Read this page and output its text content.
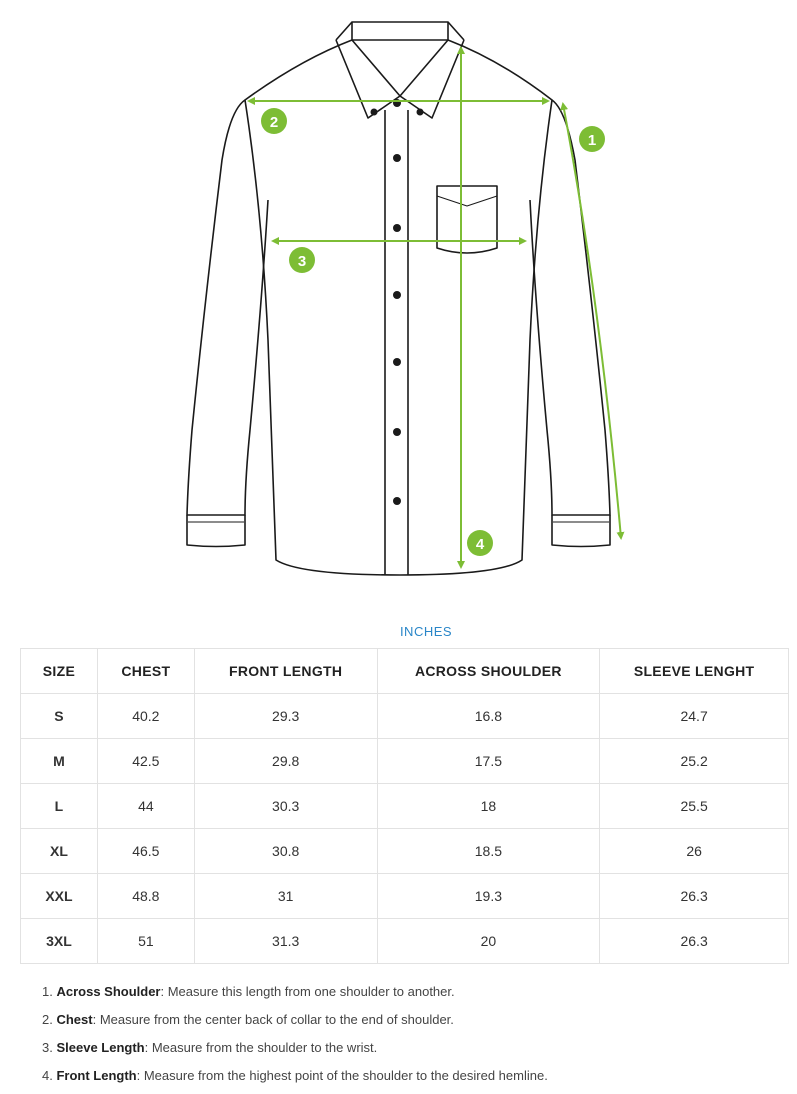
1
2
3
4
INCHES
SIZE	CHEST	FRONT LENGTH	ACROSS SHOULDER	SLEEVE LENGHT
S	40.2	29.3	16.8	24.7
M	42.5	29.8	17.5	25.2
L	44	30.3	18	25.5
XL	46.5	30.8	18.5	26
XXL	48.8	31	19.3	26.3
3XL	51	31.3	20	26.3
1. Across Shoulder: Measure this length from one shoulder to another.
2. Chest: Measure from the center back of collar to the end of shoulder.
3. Sleeve Length: Measure from the shoulder to the wrist.
4. Front Length: Measure from the highest point of the shoulder to the desired hemline.
